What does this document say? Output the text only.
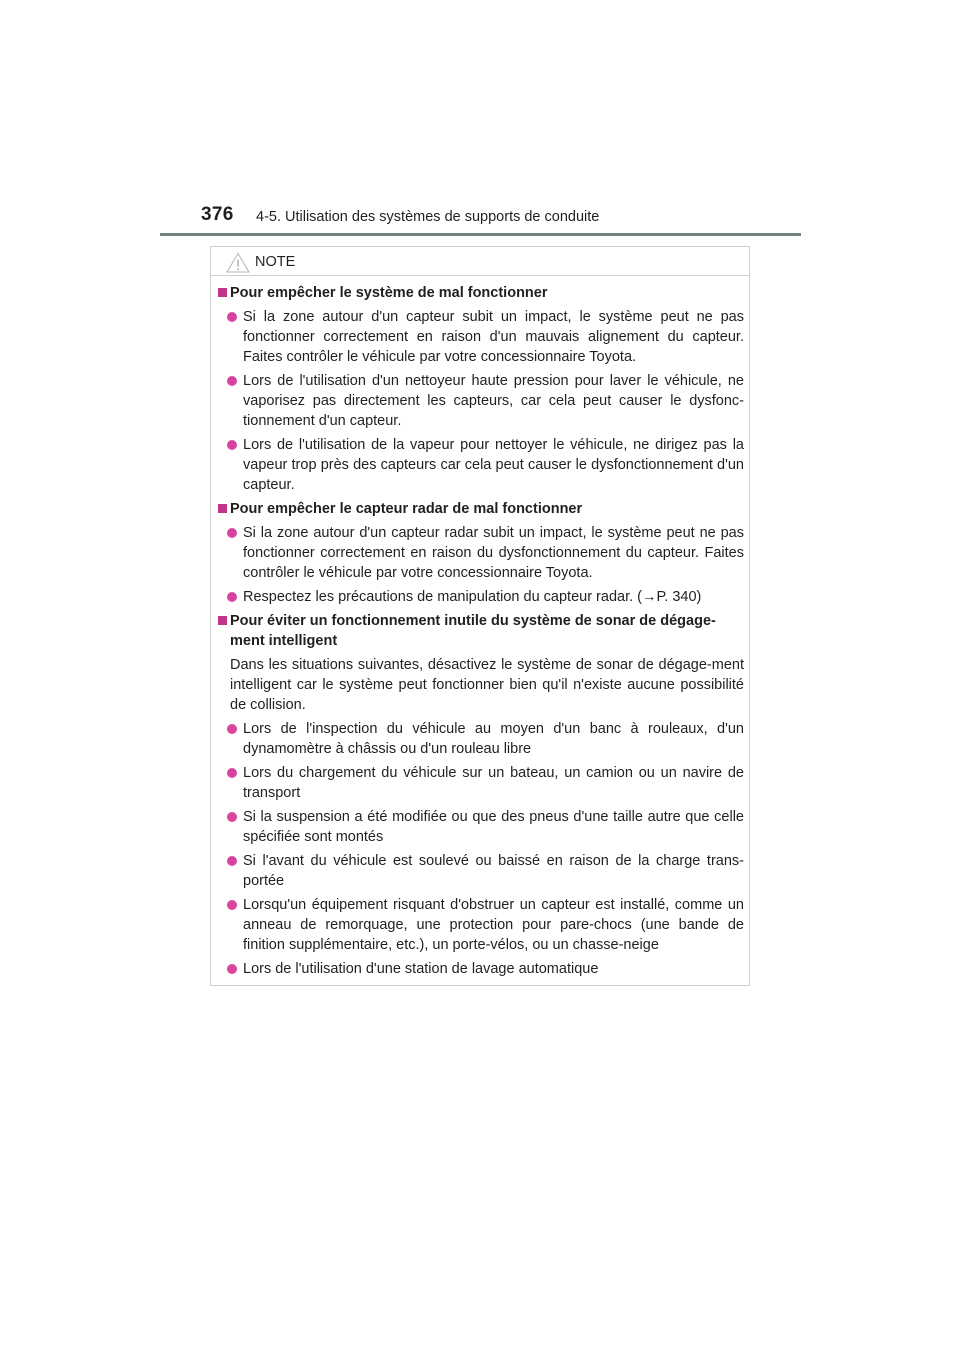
376 4-5. Utilisation des systèmes de supports de conduite
NOTE
Pour empêcher le système de mal fonctionner
Si la zone autour d'un capteur subit un impact, le système peut ne pas fonctionner correctement en raison d'un mauvais alignement du capteur. Faites contrôler le véhicule par votre concessionnaire Toyota.
Lors de l'utilisation d'un nettoyeur haute pression pour laver le véhicule, ne vaporisez pas directement les capteurs, car cela peut causer le dysfonc-tionnement d'un capteur.
Lors de l'utilisation de la vapeur pour nettoyer le véhicule, ne dirigez pas la vapeur trop près des capteurs car cela peut causer le dysfonctionnement d'un capteur.
Pour empêcher le capteur radar de mal fonctionner
Si la zone autour d'un capteur radar subit un impact, le système peut ne pas fonctionner correctement en raison du dysfonctionnement du capteur. Faites contrôler le véhicule par votre concessionnaire Toyota.
Respectez les précautions de manipulation du capteur radar. (→P. 340)
Pour éviter un fonctionnement inutile du système de sonar de dégage-ment intelligent
Dans les situations suivantes, désactivez le système de sonar de dégage-ment intelligent car le système peut fonctionner bien qu'il n'existe aucune possibilité de collision.
Lors de l'inspection du véhicule au moyen d'un banc à rouleaux, d'un dynamomètre à châssis ou d'un rouleau libre
Lors du chargement du véhicule sur un bateau, un camion ou un navire de transport
Si la suspension a été modifiée ou que des pneus d'une taille autre que celle spécifiée sont montés
Si l'avant du véhicule est soulevé ou baissé en raison de la charge trans-portée
Lorsqu'un équipement risquant d'obstruer un capteur est installé, comme un anneau de remorquage, une protection pour pare-chocs (une bande de finition supplémentaire, etc.), un porte-vélos, ou un chasse-neige
Lors de l'utilisation d'une station de lavage automatique
